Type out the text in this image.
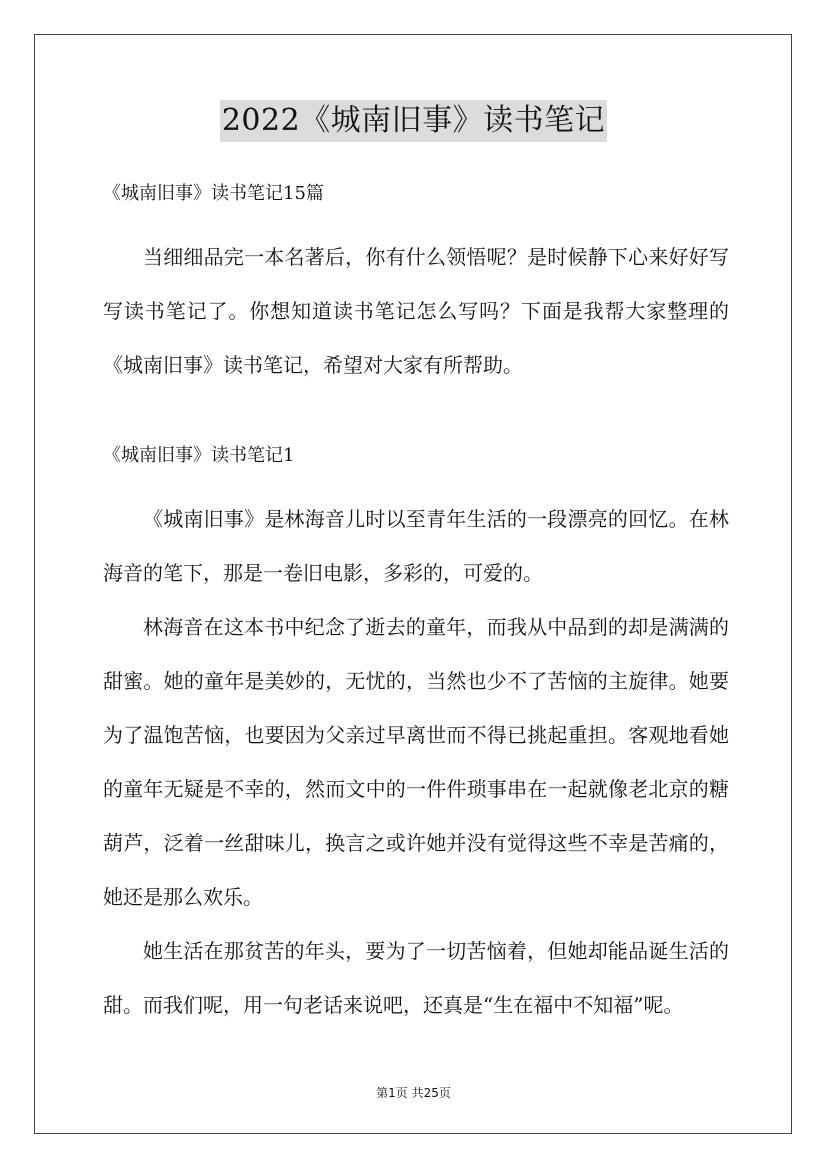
2022《城南旧事》读书笔记

《城南旧事》读书笔记15篇

当细细品完一本名著后，你有什么领悟呢？是时候静下心来好好写写读书笔记了。你想知道读书笔记怎么写吗？下面是我帮大家整理的《城南旧事》读书笔记，希望对大家有所帮助。

《城南旧事》读书笔记1

《城南旧事》是林海音儿时以至青年生活的一段漂亮的回忆。在林海音的笔下，那是一卷旧电影，多彩的，可爱的。

林海音在这本书中纪念了逝去的童年，而我从中品到的却是满满的甜蜜。她的童年是美妙的，无忧的，当然也少不了苦恼的主旋律。她要为了温饱苦恼，也要因为父亲过早离世而不得已挑起重担。客观地看她的童年无疑是不幸的，然而文中的一件件琐事串在一起就像老北京的糖葫芦，泛着一丝甜味儿，换言之或许她并没有觉得这些不幸是苦痛的，她还是那么欢乐。

她生活在那贫苦的年头，要为了一切苦恼着，但她却能品诞生活的甜。而我们呢，用一句老话来说吧，还真是“生在福中不知福”呢。

第1页 共25页
